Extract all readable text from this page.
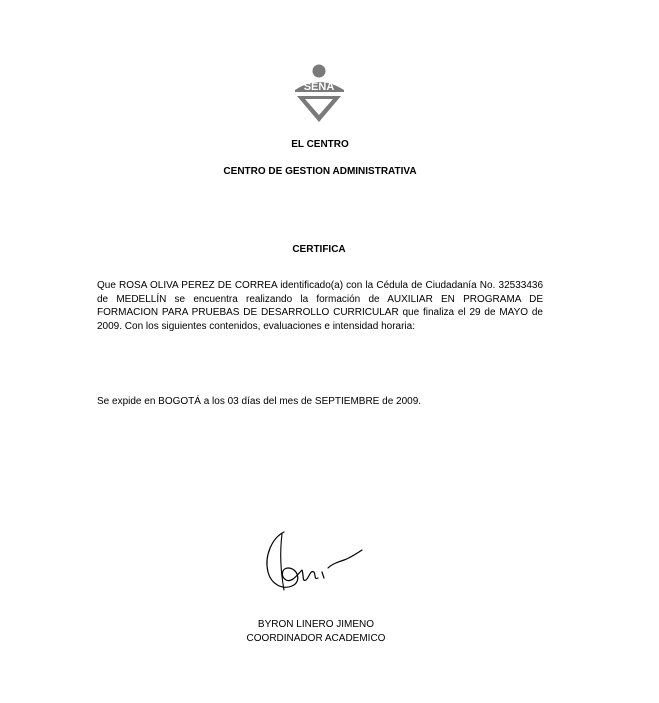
SENA
EL CENTRO
CENTRO DE GESTION ADMINISTRATIVA
CERTIFICA
Que ROSA OLIVA PEREZ DE CORREA identificado(a) con la Cédula de Ciudadanía No. 32533436 de MEDELLÍN se encuentra realizando la formación de AUXILIAR EN PROGRAMA DE FORMACION PARA PRUEBAS DE DESARROLLO CURRICULAR que finaliza el 29 de MAYO de 2009. Con los siguientes contenidos, evaluaciones e intensidad horaria:
Se expide en BOGOTÁ a los 03 días del mes de SEPTIEMBRE de 2009.
BYRON LINERO JIMENO
COORDINADOR ACADEMICO
